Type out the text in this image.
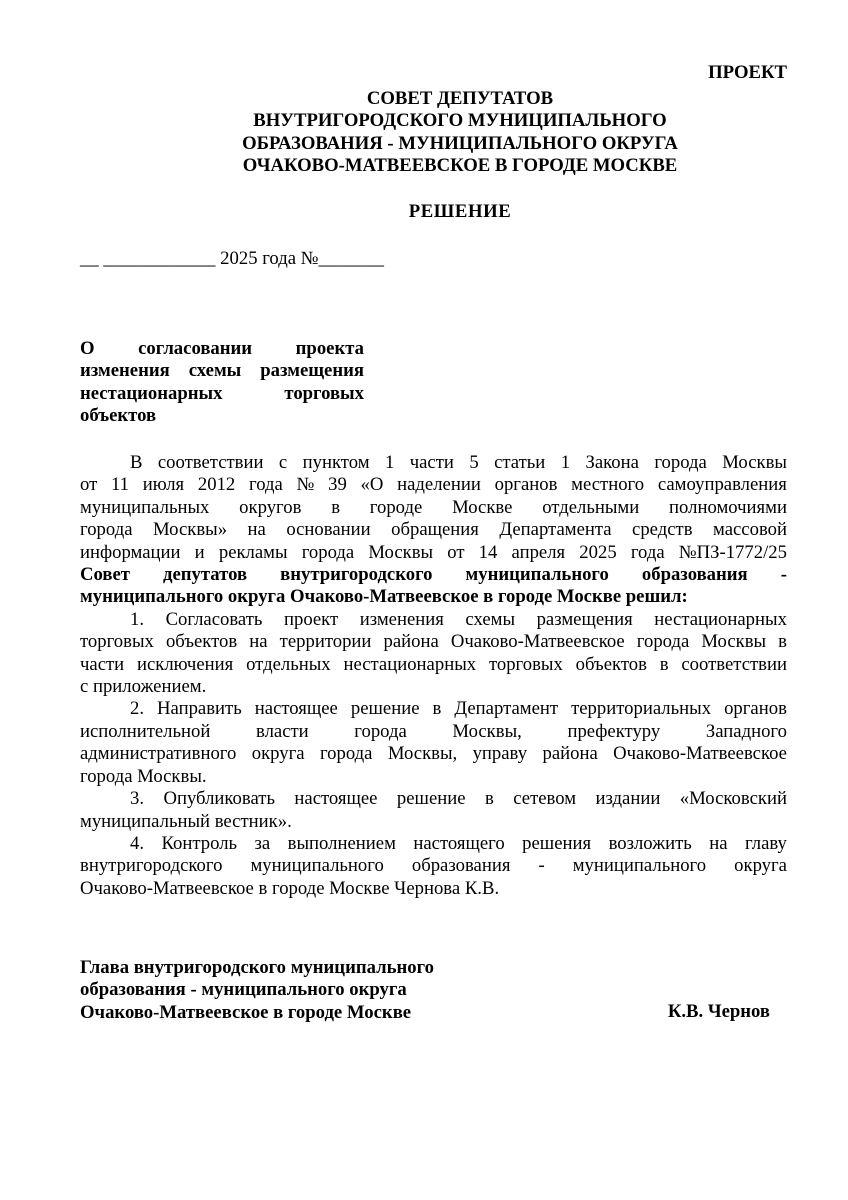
ПРОЕКТ
СОВЕТ ДЕПУТАТОВ
ВНУТРИГОРОДСКОГО МУНИЦИПАЛЬНОГО
ОБРАЗОВАНИЯ - МУНИЦИПАЛЬНОГО ОКРУГА
ОЧАКОВО-МАТВЕЕВСКОЕ В ГОРОДЕ МОСКВЕ
РЕШЕНИЕ
__ ____________ 2025 года №_______
О согласовании проекта
изменения схемы размещения
нестационарных	торговых
объектов
В соответствии с пунктом 1 части 5 статьи 1 Закона города Москвы
от 11 июля 2012 года № 39 «О наделении органов местного самоуправления
муниципальных округов в городе Москве отдельными полномочиями
города Москвы» на основании обращения Департамента средств массовой
информации и рекламы города Москвы от 14 апреля 2025 года №ПЗ-1772/25
Совет депутатов внутригородского муниципального образования -
муниципального округа Очаково-Матвеевское в городе Москве решил:
1. Согласовать проект изменения схемы размещения нестационарных
торговых объектов на территории района Очаково-Матвеевское города Москвы в
части исключения отдельных нестационарных торговых объектов в соответствии
с приложением.
2. Направить настоящее решение в Департамент территориальных органов
исполнительной власти города Москвы, префектуру Западного
административного округа города Москвы, управу района Очаково-Матвеевское
города Москвы.
3. Опубликовать настоящее решение в сетевом издании «Московский
муниципальный вестник».
4. Контроль за выполнением настоящего решения возложить на главу
внутригородского муниципального образования - муниципального округа
Очаково-Матвеевское в городе Москве Чернова К.В.
Глава внутригородского муниципального
образования - муниципального округа
Очаково-Матвеевское в городе Москве	К.В. Чернов
